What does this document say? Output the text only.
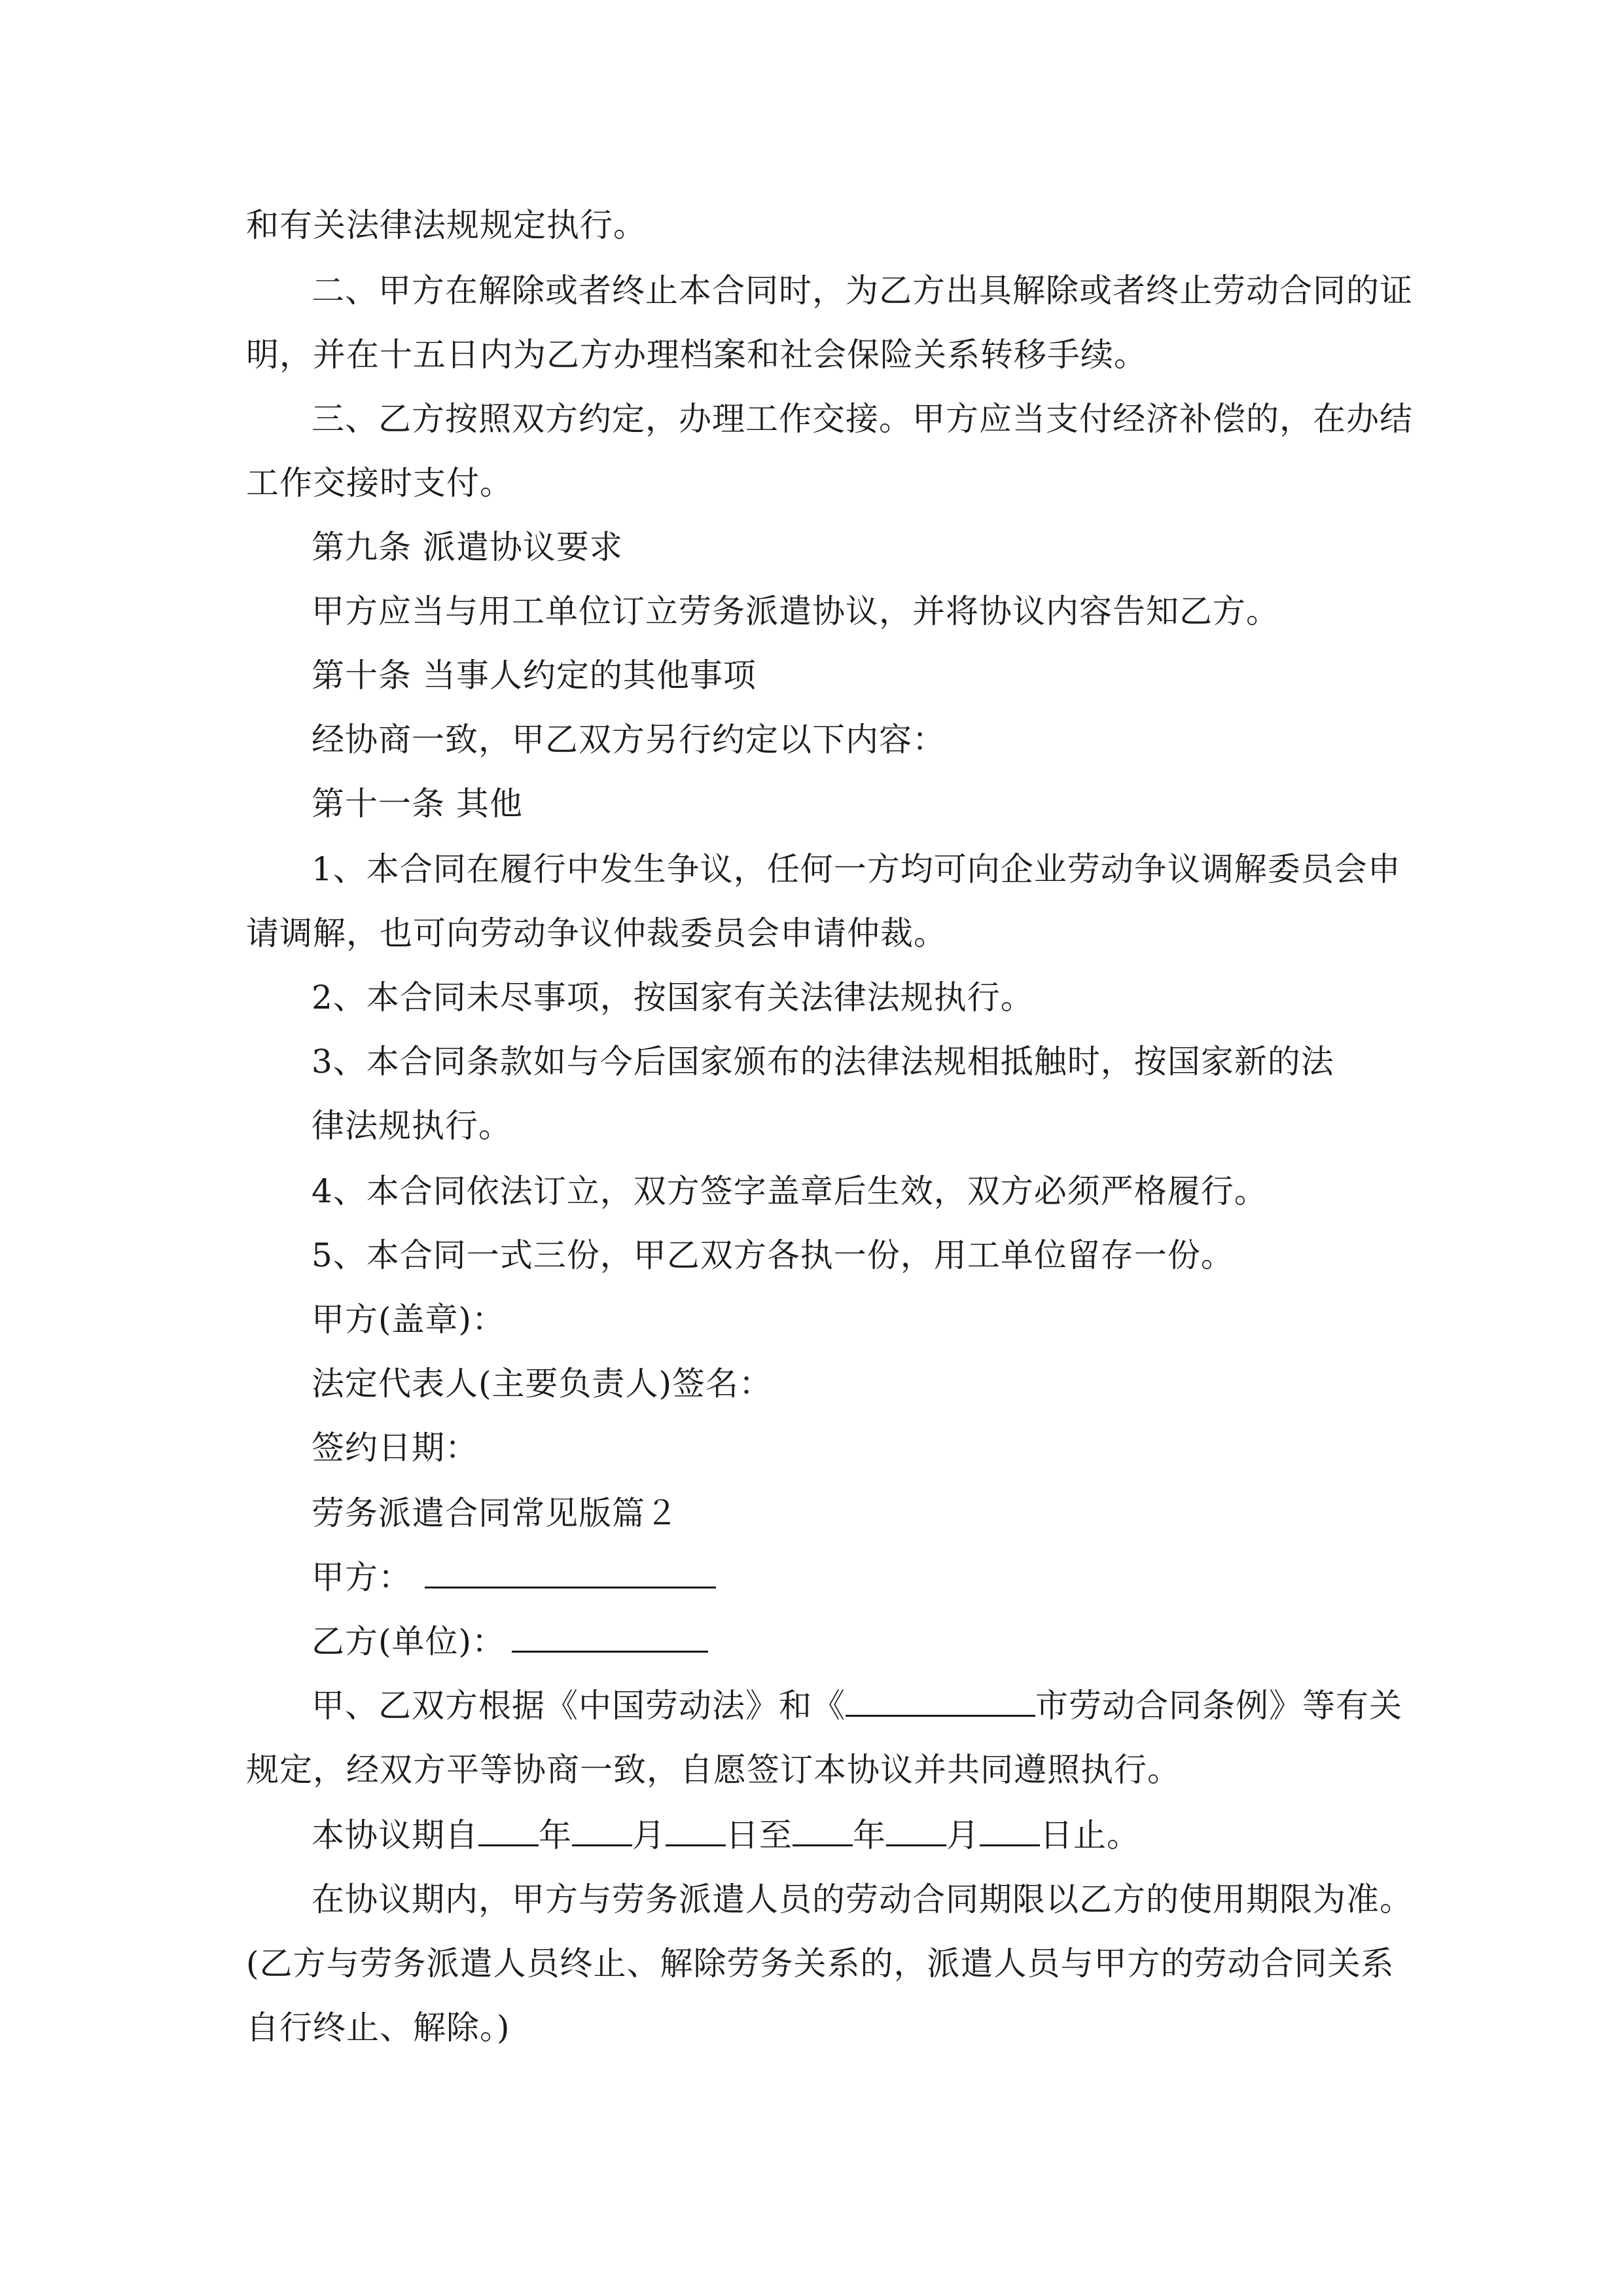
和有关法律法规规定执行。
二、甲方在解除或者终止本合同时，为乙方出具解除或者终止劳动合同的证
明，并在十五日内为乙方办理档案和社会保险关系转移手续。
三、乙方按照双方约定，办理工作交接。甲方应当支付经济补偿的，在办结
工作交接时支付。
第九条 派遣协议要求
甲方应当与用工单位订立劳务派遣协议，并将协议内容告知乙方。
第十条 当事人约定的其他事项
经协商一致，甲乙双方另行约定以下内容：
第十一条 其他
1、本合同在履行中发生争议，任何一方均可向企业劳动争议调解委员会申
请调解，也可向劳动争议仲裁委员会申请仲裁。
2、本合同未尽事项，按国家有关法律法规执行。
3、本合同条款如与今后国家颁布的法律法规相抵触时，按国家新的法
律法规执行。
4、本合同依法订立，双方签字盖章后生效，双方必须严格履行。
5、本合同一式三份，甲乙双方各执一份，用工单位留存一份。
甲方(盖章)：
法定代表人(主要负责人)签名：
签约日期：
劳务派遣合同常见版篇２
甲方：
乙方(单位)：
甲、乙双方根据《中国劳动法》和《	市劳动合同条例》等有关
规定，经双方平等协商一致，自愿签订本协议并共同遵照执行。
本协议期自 年 月 日至 年 月 日止。
在协议期内，甲方与劳务派遣人员的劳动合同期限以乙方的使用期限为准。
(乙方与劳务派遣人员终止、解除劳务关系的，派遣人员与甲方的劳动合同关系
自行终止、解除。)
